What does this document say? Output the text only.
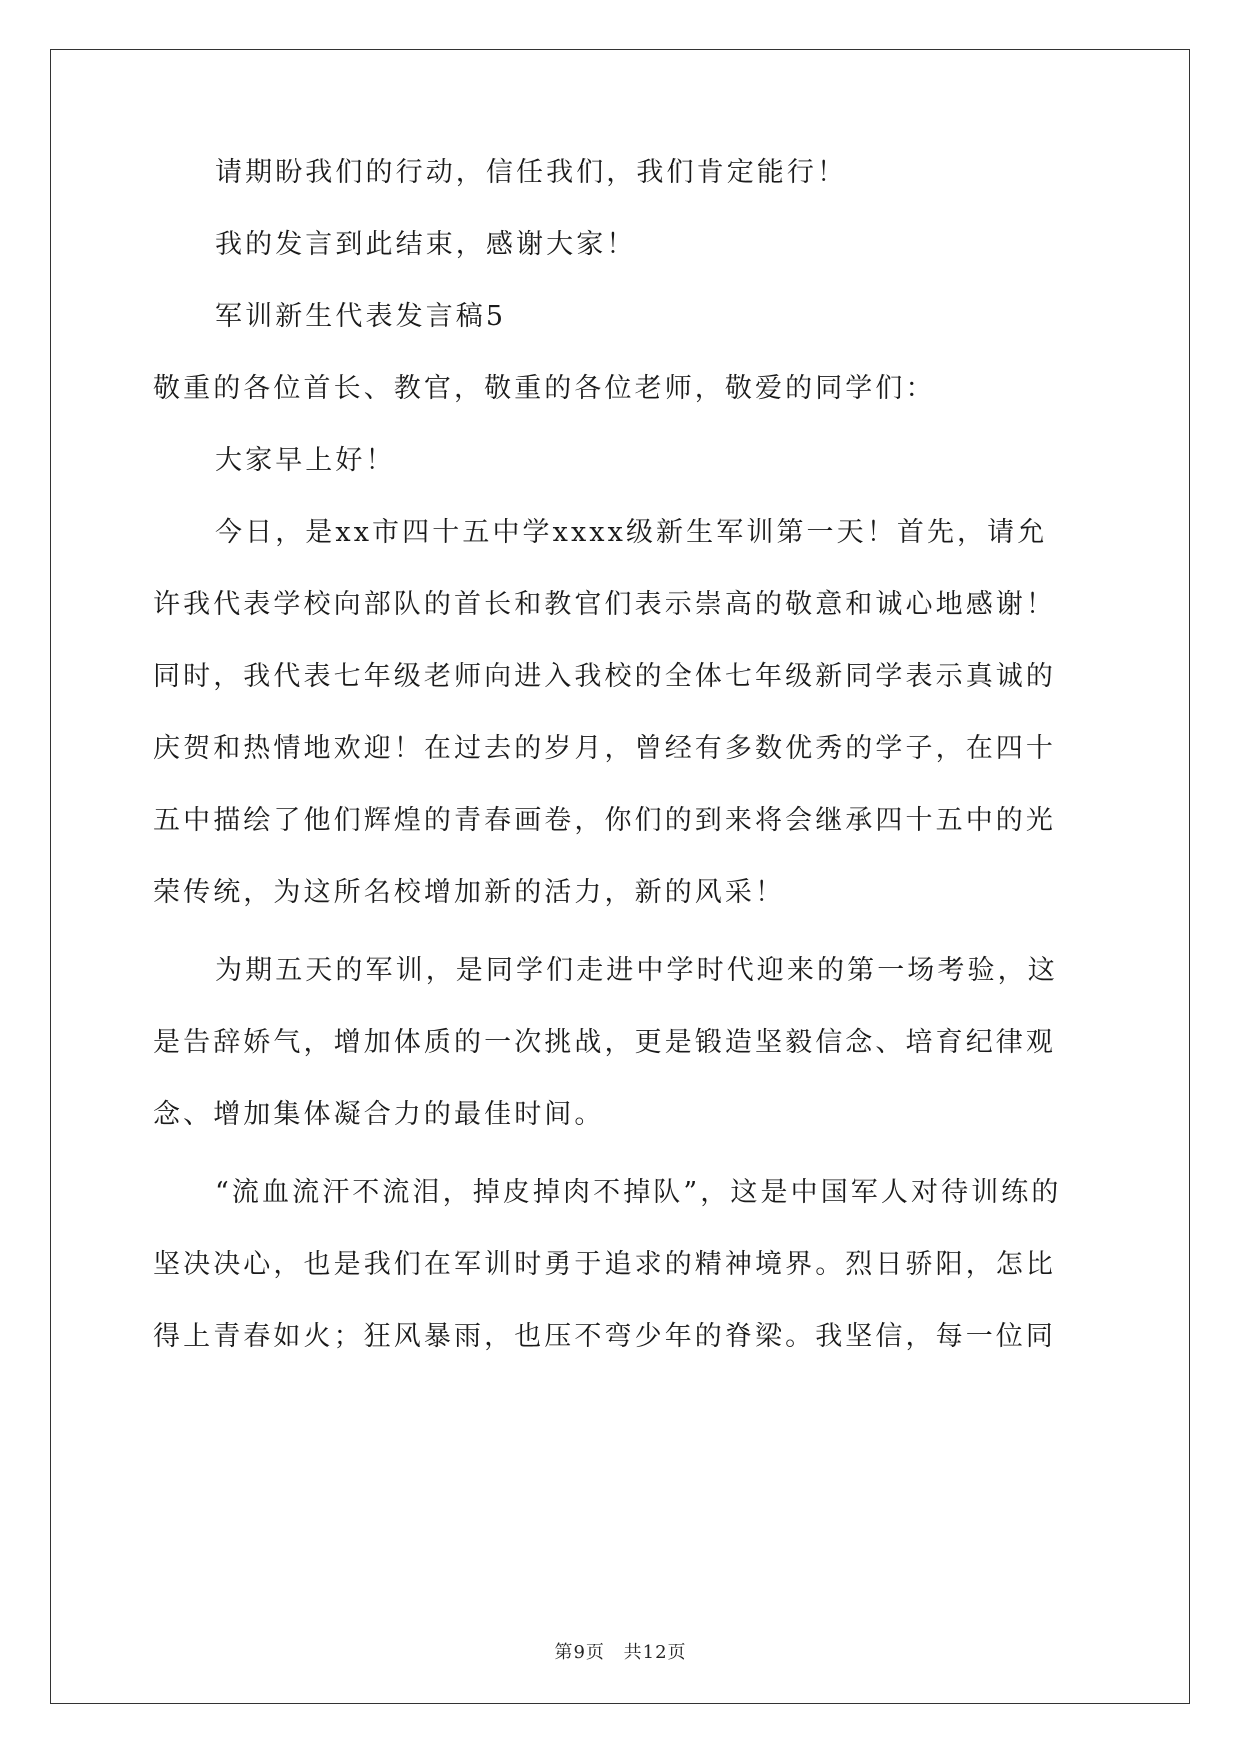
请期盼我们的行动，信任我们，我们肯定能行！
我的发言到此结束，感谢大家！
军训新生代表发言稿5
敬重的各位首长、教官，敬重的各位老师，敬爱的同学们：
大家早上好！
今日，是xx市四十五中学xxxx级新生军训第一天！首先，请允
许我代表学校向部队的首长和教官们表示崇高的敬意和诚心地感谢！
同时，我代表七年级老师向进入我校的全体七年级新同学表示真诚的
庆贺和热情地欢迎！在过去的岁月，曾经有多数优秀的学子，在四十
五中描绘了他们辉煌的青春画卷，你们的到来将会继承四十五中的光
荣传统，为这所名校增加新的活力，新的风采！
为期五天的军训，是同学们走进中学时代迎来的第一场考验，这
是告辞娇气，增加体质的一次挑战，更是锻造坚毅信念、培育纪律观
念、增加集体凝合力的最佳时间。
“流血流汗不流泪，掉皮掉肉不掉队”，这是中国军人对待训练的
坚决决心，也是我们在军训时勇于追求的精神境界。烈日骄阳，怎比
得上青春如火；狂风暴雨，也压不弯少年的脊梁。我坚信，每一位同
第9页 共12页
